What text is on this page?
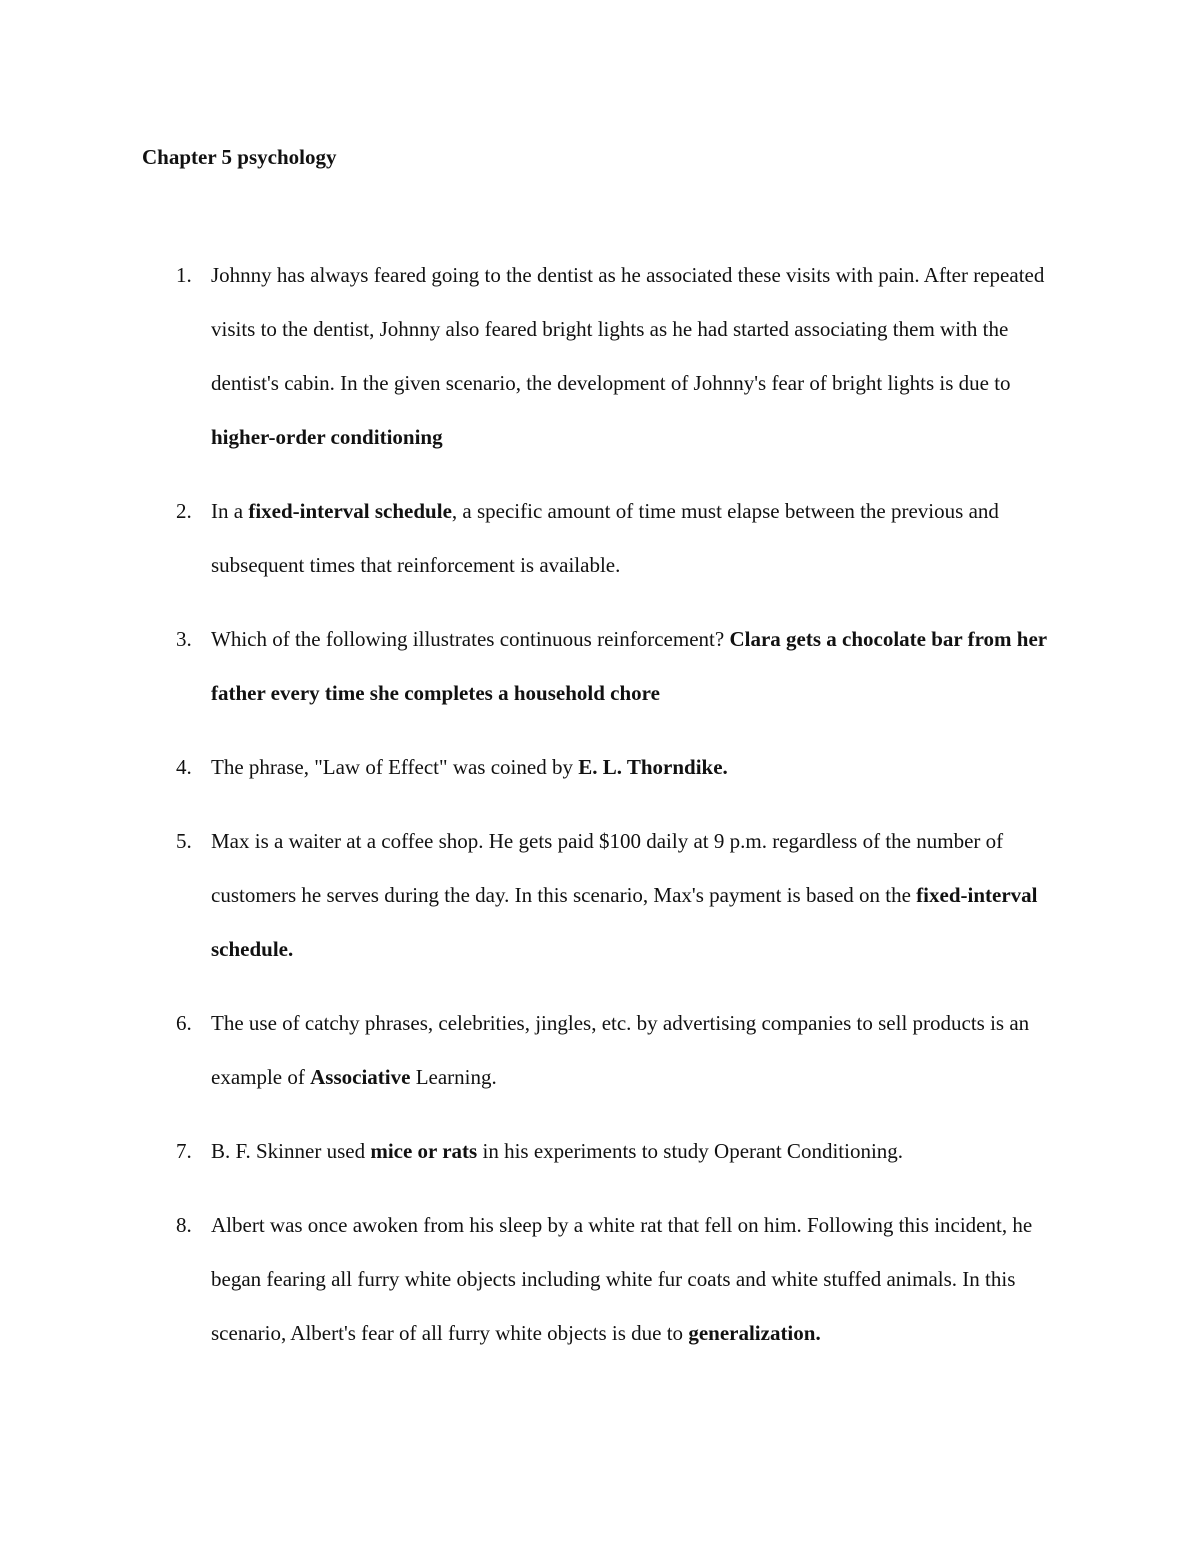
Chapter 5 psychology
1. Johnny has always feared going to the dentist as he associated these visits with pain. After repeated visits to the dentist, Johnny also feared bright lights as he had started associating them with the dentist's cabin. In the given scenario, the development of Johnny's fear of bright lights is due to higher-order conditioning
2. In a fixed-interval schedule, a specific amount of time must elapse between the previous and subsequent times that reinforcement is available.
3. Which of the following illustrates continuous reinforcement? Clara gets a chocolate bar from her father every time she completes a household chore
4. The phrase, "Law of Effect" was coined by E. L. Thorndike.
5. Max is a waiter at a coffee shop. He gets paid $100 daily at 9 p.m. regardless of the number of customers he serves during the day. In this scenario, Max's payment is based on the fixed-interval schedule.
6. The use of catchy phrases, celebrities, jingles, etc. by advertising companies to sell products is an example of Associative Learning.
7. B. F. Skinner used mice or rats in his experiments to study Operant Conditioning.
8. Albert was once awoken from his sleep by a white rat that fell on him. Following this incident, he began fearing all furry white objects including white fur coats and white stuffed animals. In this scenario, Albert's fear of all furry white objects is due to generalization.
